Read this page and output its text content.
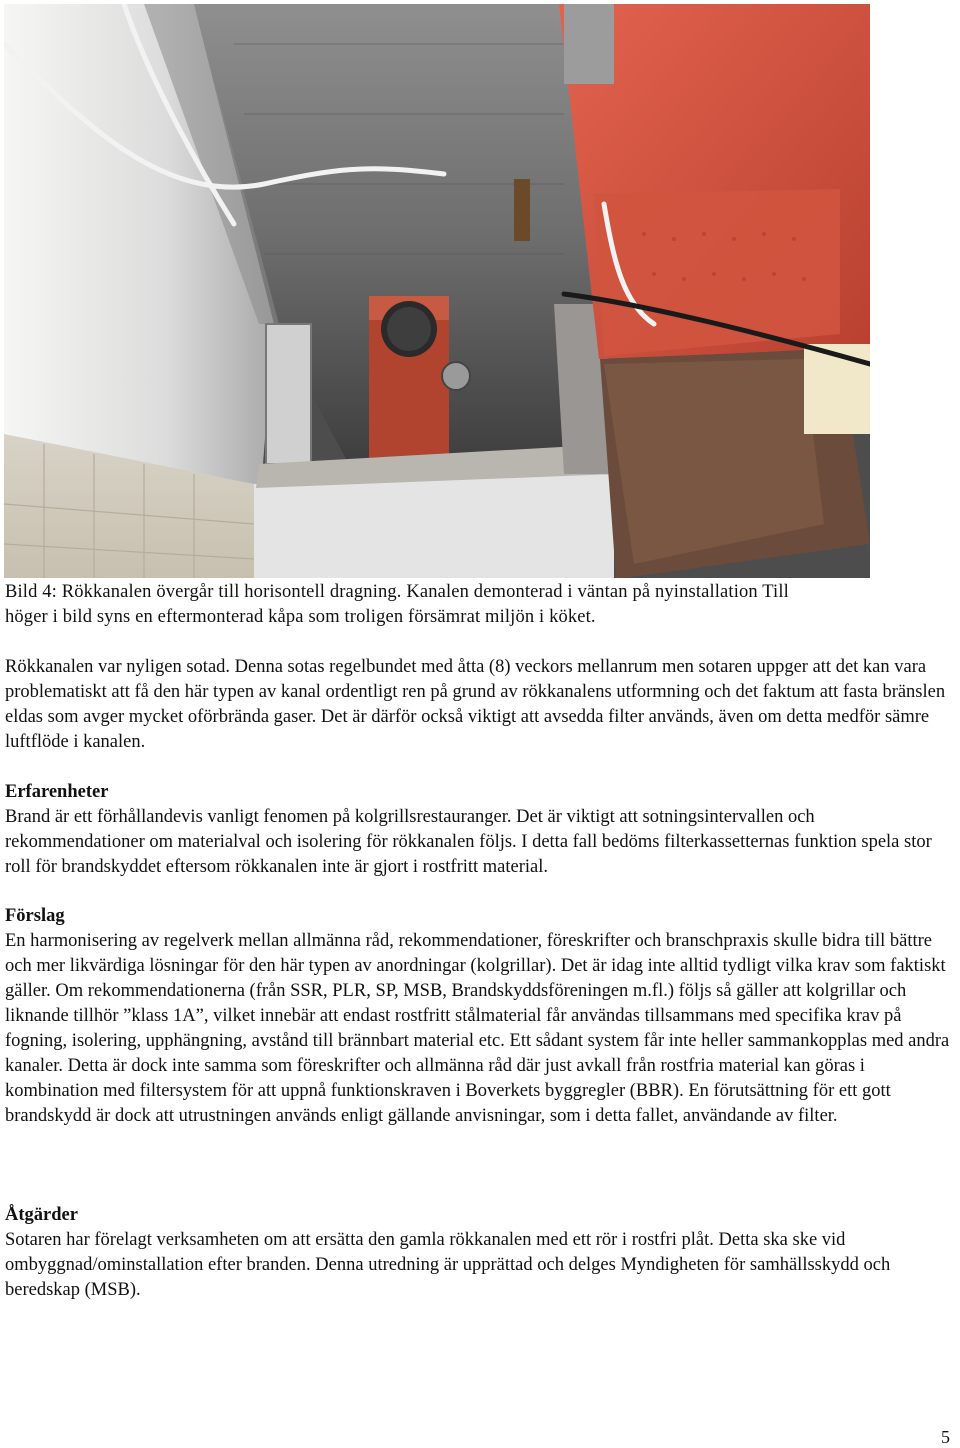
Bild 4: Rökkanalen övergår till horisontell dragning. Kanalen demonterad i väntan på nyinstallation Till
höger i bild syns en eftermonterad kåpa som troligen försämrat miljön i köket.

Rökkanalen var nyligen sotad. Denna sotas regelbundet med åtta (8) veckors mellanrum men sotaren uppger att det kan vara problematiskt att få den här typen av kanal ordentligt ren på grund av rökkanalens utformning och det faktum att fasta bränslen eldas som avger mycket oförbrända gaser. Det är därför också viktigt att avsedda filter används, även om detta medför sämre luftflöde i kanalen.

Erfarenheter
Brand är ett förhållandevis vanligt fenomen på kolgrillsrestauranger. Det är viktigt att sotningsintervallen och rekommendationer om materialval och isolering för rökkanalen följs. I detta fall bedöms filterkassetternas funktion spela stor roll för brandskyddet eftersom rökkanalen inte är gjort i rostfritt material.
Förslag
En harmonisering av regelverk mellan allmänna råd, rekommendationer, föreskrifter och branschpraxis skulle bidra till bättre och mer likvärdiga lösningar för den här typen av anordningar (kolgrillar). Det är idag inte alltid tydligt vilka krav som faktiskt gäller. Om rekommendationerna (från SSR, PLR, SP, MSB, Brandskyddsföreningen m.fl.) följs så gäller att kolgrillar och liknande tillhör ”klass 1A”, vilket innebär att endast rostfritt stålmaterial får användas tillsammans med specifika krav på fogning, isolering, upphängning, avstånd till brännbart material etc. Ett sådant system får inte heller sammankopplas med andra kanaler. Detta är dock inte samma som föreskrifter och allmänna råd där just avkall från rostfria material kan göras i kombination med filtersystem för att uppnå funktionskraven i Boverkets byggregler (BBR). En förutsättning för ett gott brandskydd är dock att utrustningen används enligt gällande anvisningar, som i detta fallet, användande av filter.
Åtgärder
Sotaren har förelagt verksamheten om att ersätta den gamla rökkanalen med ett rör i rostfri plåt. Detta ska ske vid ombyggnad/ominstallation efter branden. Denna utredning är upprättad och delges Myndigheten för samhällsskydd och beredskap (MSB).
5
